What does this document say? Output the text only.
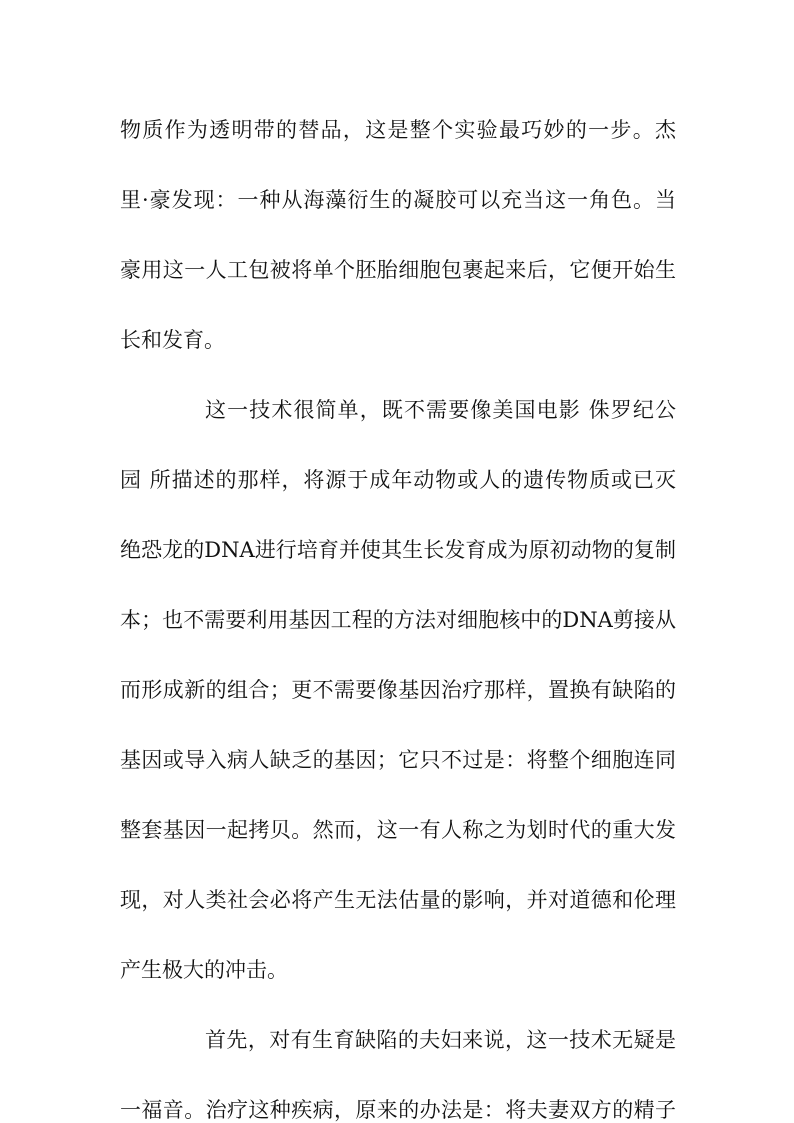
物质作为透明带的替品，这是整个实验最巧妙的一步。杰
里·豪发现：一种从海藻衍生的凝胶可以充当这一角色。当
豪用这一人工包被将单个胚胎细胞包裹起来后，它便开始生
长和发育。
这一技术很简单，既不需要像美国电影 侏罗纪公
园 所描述的那样，将源于成年动物或人的遗传物质或已灭
绝恐龙的DNA进行培育并使其生长发育成为原初动物的复制
本；也不需要利用基因工程的方法对细胞核中的DNA剪接从
而形成新的组合；更不需要像基因治疗那样，置换有缺陷的
基因或导入病人缺乏的基因；它只不过是：将整个细胞连同
整套基因一起拷贝。然而，这一有人称之为划时代的重大发
现，对人类社会必将产生无法估量的影响，并对道德和伦理
产生极大的冲击。
首先，对有生育缺陷的夫妇来说，这一技术无疑是
一福音。治疗这种疾病，原来的办法是：将夫妻双方的精子
